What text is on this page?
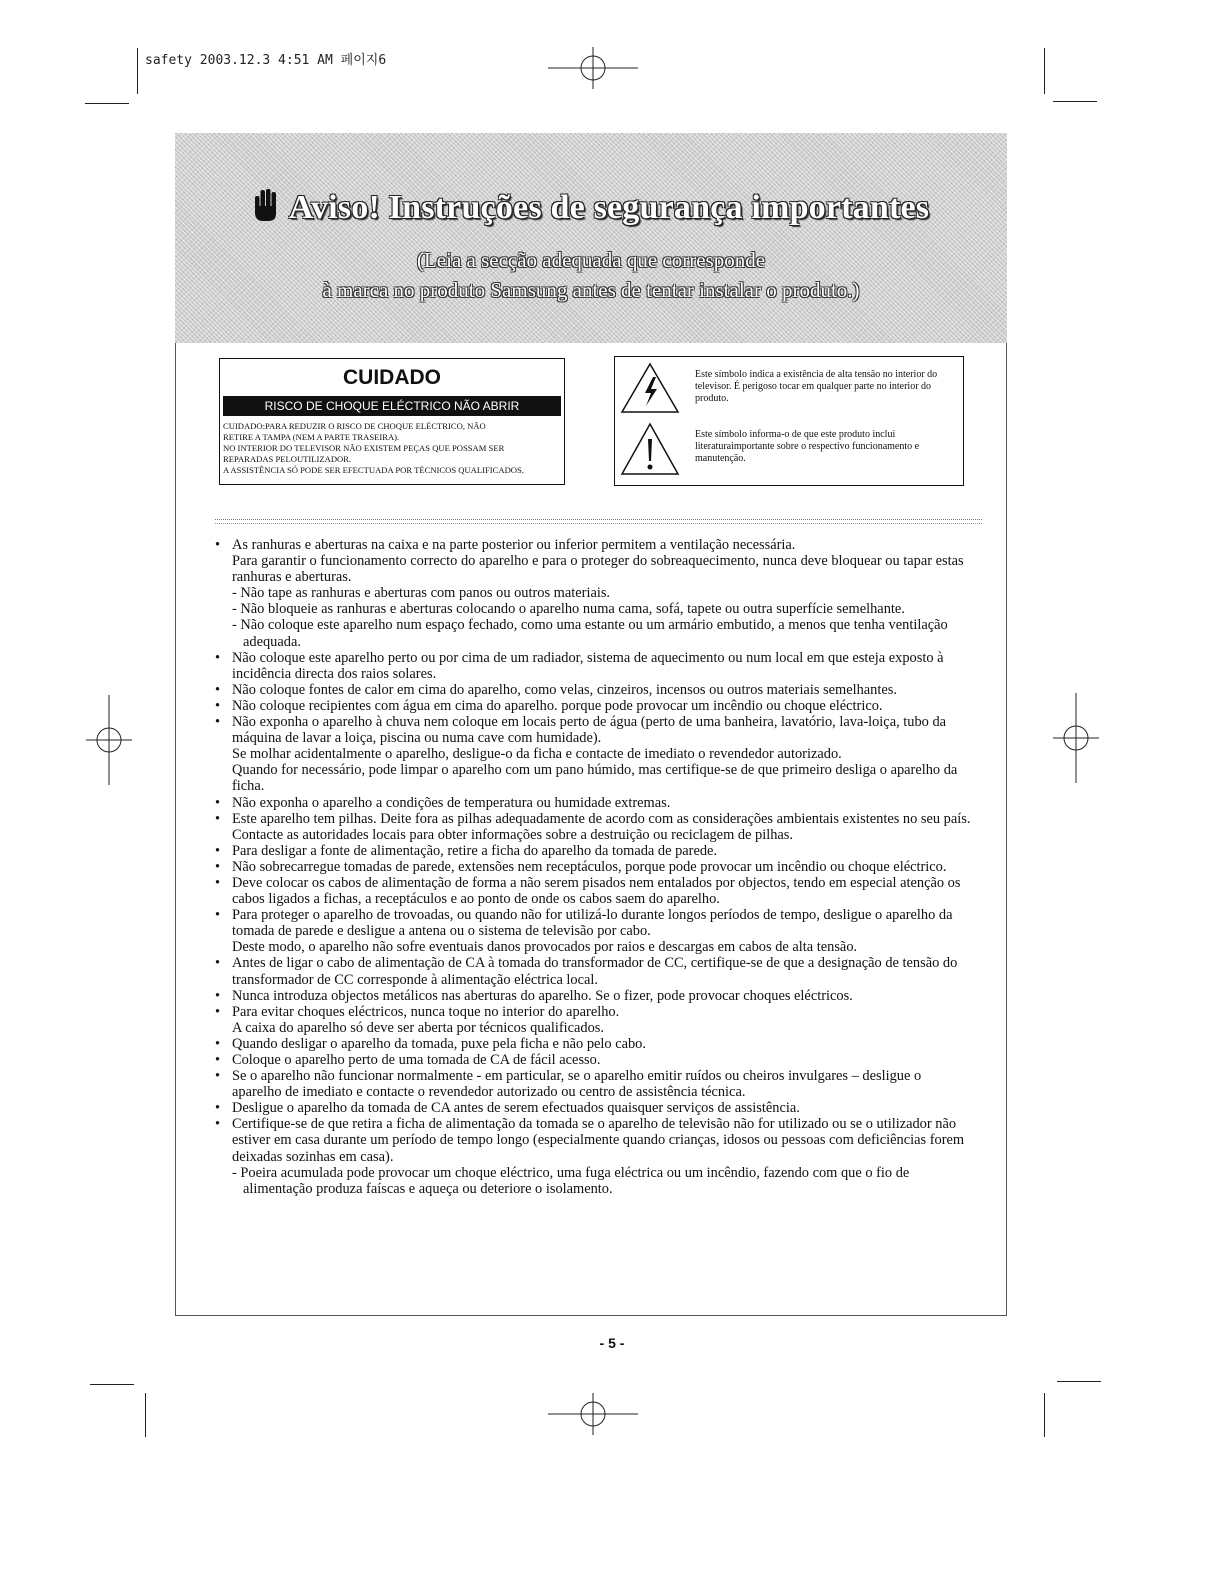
safety 2003.12.3 4:51 AM 페이지6
Aviso! Instruções de segurança importantes
(Leia a secção adequada que corresponde
à marca no produto Samsung antes de tentar instalar o produto.)
CUIDADO
RISCO DE CHOQUE ELÉCTRICO NÃO ABRIR
CUIDADO:PARA REDUZIR O RISCO DE CHOQUE ELÉCTRICO, NÃO
RETIRE A TAMPA (NEM A PARTE TRASEIRA).
NO INTERIOR DO TELEVISOR NÃO EXISTEM PEÇAS QUE POSSAM SER
REPARADAS PELOUTILIZADOR.
A ASSISTÊNCIA SÓ PODE SER EFECTUADA POR TÉCNICOS QUALIFICADOS.
Este símbolo indica a existência de alta tensão no interior do televisor. É perigoso tocar em qualquer parte no interior do produto.
Este símbolo informa-o de que este produto inclui literaturaimportante sobre o respectivo funcionamento e manutenção.
• As ranhuras e aberturas na caixa e na parte posterior ou inferior permitem a ventilação necessária.
Para garantir o funcionamento correcto do aparelho e para o proteger do sobreaquecimento, nunca deve bloquear ou tapar estas ranhuras e aberturas.
- Não tape as ranhuras e aberturas com panos ou outros materiais.
- Não bloqueie as ranhuras e aberturas colocando o aparelho numa cama, sofá, tapete ou outra superfície semelhante.
- Não coloque este aparelho num espaço fechado, como uma estante ou um armário embutido, a menos que tenha ventilação adequada.
• Não coloque este aparelho perto ou por cima de um radiador, sistema de aquecimento ou num local em que esteja exposto à incidência directa dos raios solares.
• Não coloque fontes de calor em cima do aparelho, como velas, cinzeiros, incensos ou outros materiais semelhantes.
• Não coloque recipientes com água em cima do aparelho. porque pode provocar um incêndio ou choque eléctrico.
• Não exponha o aparelho à chuva nem coloque em locais perto de água (perto de uma banheira, lavatório, lava-loiça, tubo da máquina de lavar a loiça, piscina ou numa cave com humidade).
Se molhar acidentalmente o aparelho, desligue-o da ficha e contacte de imediato o revendedor autorizado.
Quando for necessário, pode limpar o aparelho com um pano húmido, mas certifique-se de que primeiro desliga o aparelho da ficha.
• Não exponha o aparelho a condições de temperatura ou humidade extremas.
• Este aparelho tem pilhas. Deite fora as pilhas adequadamente de acordo com as considerações ambientais existentes no seu país. Contacte as autoridades locais para obter informações sobre a destruição ou reciclagem de pilhas.
• Para desligar a fonte de alimentação, retire a ficha do aparelho da tomada de parede.
• Não sobrecarregue tomadas de parede, extensões nem receptáculos, porque pode provocar um incêndio ou choque eléctrico.
• Deve colocar os cabos de alimentação de forma a não serem pisados nem entalados por objectos, tendo em especial atenção os cabos ligados a fichas, a receptáculos e ao ponto de onde os cabos saem do aparelho.
• Para proteger o aparelho de trovoadas, ou quando não for utilizá-lo durante longos períodos de tempo, desligue o aparelho da tomada de parede e desligue a antena ou o sistema de televisão por cabo.
Deste modo, o aparelho não sofre eventuais danos provocados por raios e descargas em cabos de alta tensão.
• Antes de ligar o cabo de alimentação de CA à tomada do transformador de CC, certifique-se de que a designação de tensão do transformador de CC corresponde à alimentação eléctrica local.
• Nunca introduza objectos metálicos nas aberturas do aparelho. Se o fizer, pode provocar choques eléctricos.
• Para evitar choques eléctricos, nunca toque no interior do aparelho.
A caixa do aparelho só deve ser aberta por técnicos qualificados.
• Quando desligar o aparelho da tomada, puxe pela ficha e não pelo cabo.
• Coloque o aparelho perto de uma tomada de CA de fácil acesso.
• Se o aparelho não funcionar normalmente - em particular, se o aparelho emitir ruídos ou cheiros invulgares – desligue o aparelho de imediato e contacte o revendedor autorizado ou centro de assistência técnica.
• Desligue o aparelho da tomada de CA antes de serem efectuados quaisquer serviços de assistência.
• Certifique-se de que retira a ficha de alimentação da tomada se o aparelho de televisão não for utilizado ou se o utilizador não estiver em casa durante um período de tempo longo (especialmente quando crianças, idosos ou pessoas com deficiências forem deixadas sozinhas em casa).
- Poeira acumulada pode provocar um choque eléctrico, uma fuga eléctrica ou um incêndio, fazendo com que o fio de alimentação produza faíscas e aqueça ou deteriore o isolamento.
- 5 -
